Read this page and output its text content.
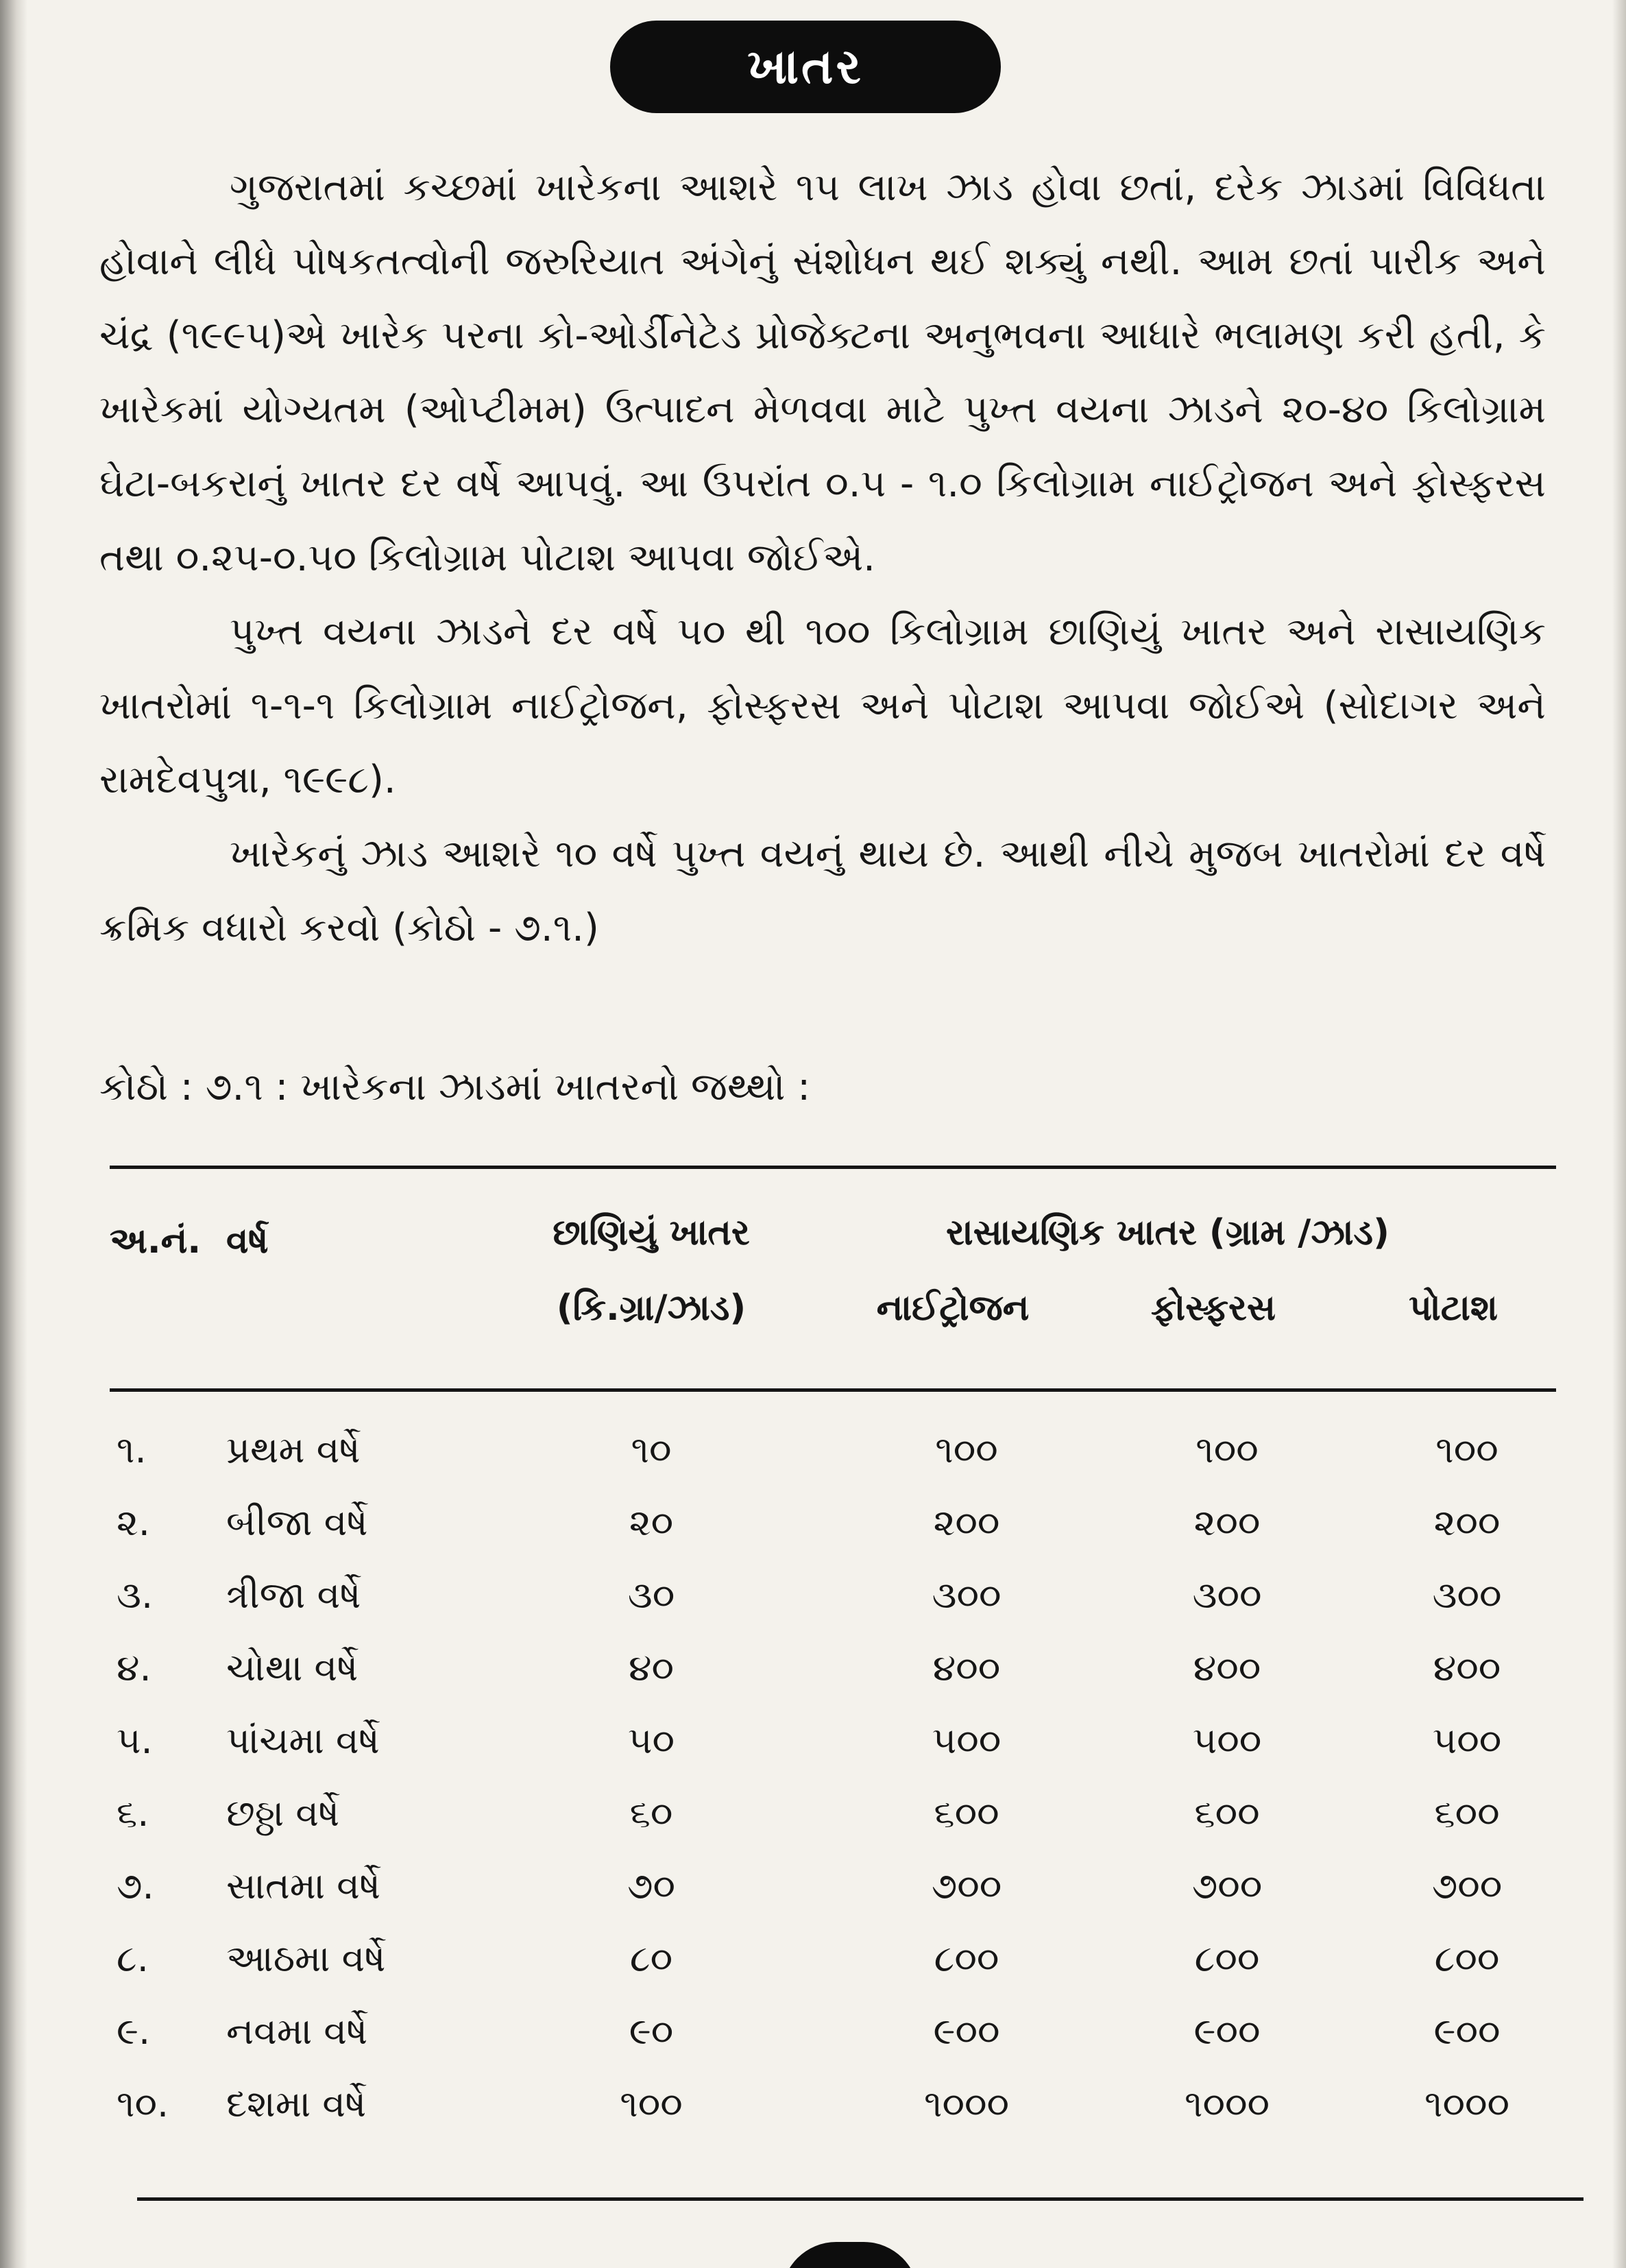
ખાતર

ગુજરાતમાં કચ્છમાં ખારેકના આશરે ૧૫ લાખ ઝાડ હોવા છતાં, દરેક ઝાડમાં વિવિધતા હોવાને લીધે પોષકતત્વોની જરુરિયાત અંગેનું સંશોધન થઈ શક્યું નથી. આમ છતાં પારીક અને ચંદ્ર (૧૯૯૫)એ ખારેક પરના કો-ઓર્ડીનેટેડ પ્રોજેક્ટના અનુભવના આધારે ભલામણ કરી હતી, કે ખારેકમાં યોગ્યતમ (ઓપ્ટીમમ) ઉત્પાદન મેળવવા માટે પુખ્ત વયના ઝાડને ૨૦-૪૦ કિલોગ્રામ ઘેટા-બકરાનું ખાતર દર વર્ષે આપવું. આ ઉપરાંત ૦.૫ - ૧.૦ કિલોગ્રામ નાઈટ્રોજન અને ફોસ્ફરસ તથા ૦.૨૫-૦.૫૦ કિલોગ્રામ પોટાશ આપવા જોઈએ.

પુખ્ત વયના ઝાડને દર વર્ષે ૫૦ થી ૧૦૦ કિલોગ્રામ છાણિયું ખાતર અને રાસાયણિક ખાતરોમાં ૧-૧-૧ કિલોગ્રામ નાઈટ્રોજન, ફોસ્ફરસ અને પોટાશ આપવા જોઈએ (સોદાગર અને રામદેવપુત્રા, ૧૯૯૮).

ખારેકનું ઝાડ આશરે ૧૦ વર્ષે પુખ્ત વયનું થાય છે. આથી નીચે મુજબ ખાતરોમાં દર વર્ષે ક્રમિક વધારો કરવો (કોઠો - ૭.૧.)

કોઠો : ૭.૧ : ખારેકના ઝાડમાં ખાતરનો જથ્થો :
અ.નં. વર્ષ	છાણિયું ખાતર
(કિ.ગ્રા/ઝાડ)
રાસાયણિક ખાતર (ગ્રામ /ઝાડ)
નાઈટ્રોજન	ફોસ્ફરસ	પોટાશ
૧. પ્રથમ વર્ષે	૧૦	૧૦૦	૧૦૦	૧૦૦
૨. બીજા વર્ષે	૨૦	૨૦૦	૨૦૦	૨૦૦
૩. ત્રીજા વર્ષે	૩૦	૩૦૦	૩૦૦	૩૦૦
૪. ચોથા વર્ષે	૪૦	૪૦૦	૪૦૦	૪૦૦
૫. પાંચમા વર્ષે	૫૦	૫૦૦	૫૦૦	૫૦૦
૬. છઠ્ઠા વર્ષે	૬૦	૬૦૦	૬૦૦	૬૦૦
૭. સાતમા વર્ષે	૭૦	૭૦૦	૭૦૦	૭૦૦
૮. આઠમા વર્ષે	૮૦	૮૦૦	૮૦૦	૮૦૦
૯. નવમા વર્ષે	૯૦	૯૦૦	૯૦૦	૯૦૦
૧૦. દશમા વર્ષે	૧૦૦	૧૦૦૦	૧૦૦૦	૧૦૦૦
